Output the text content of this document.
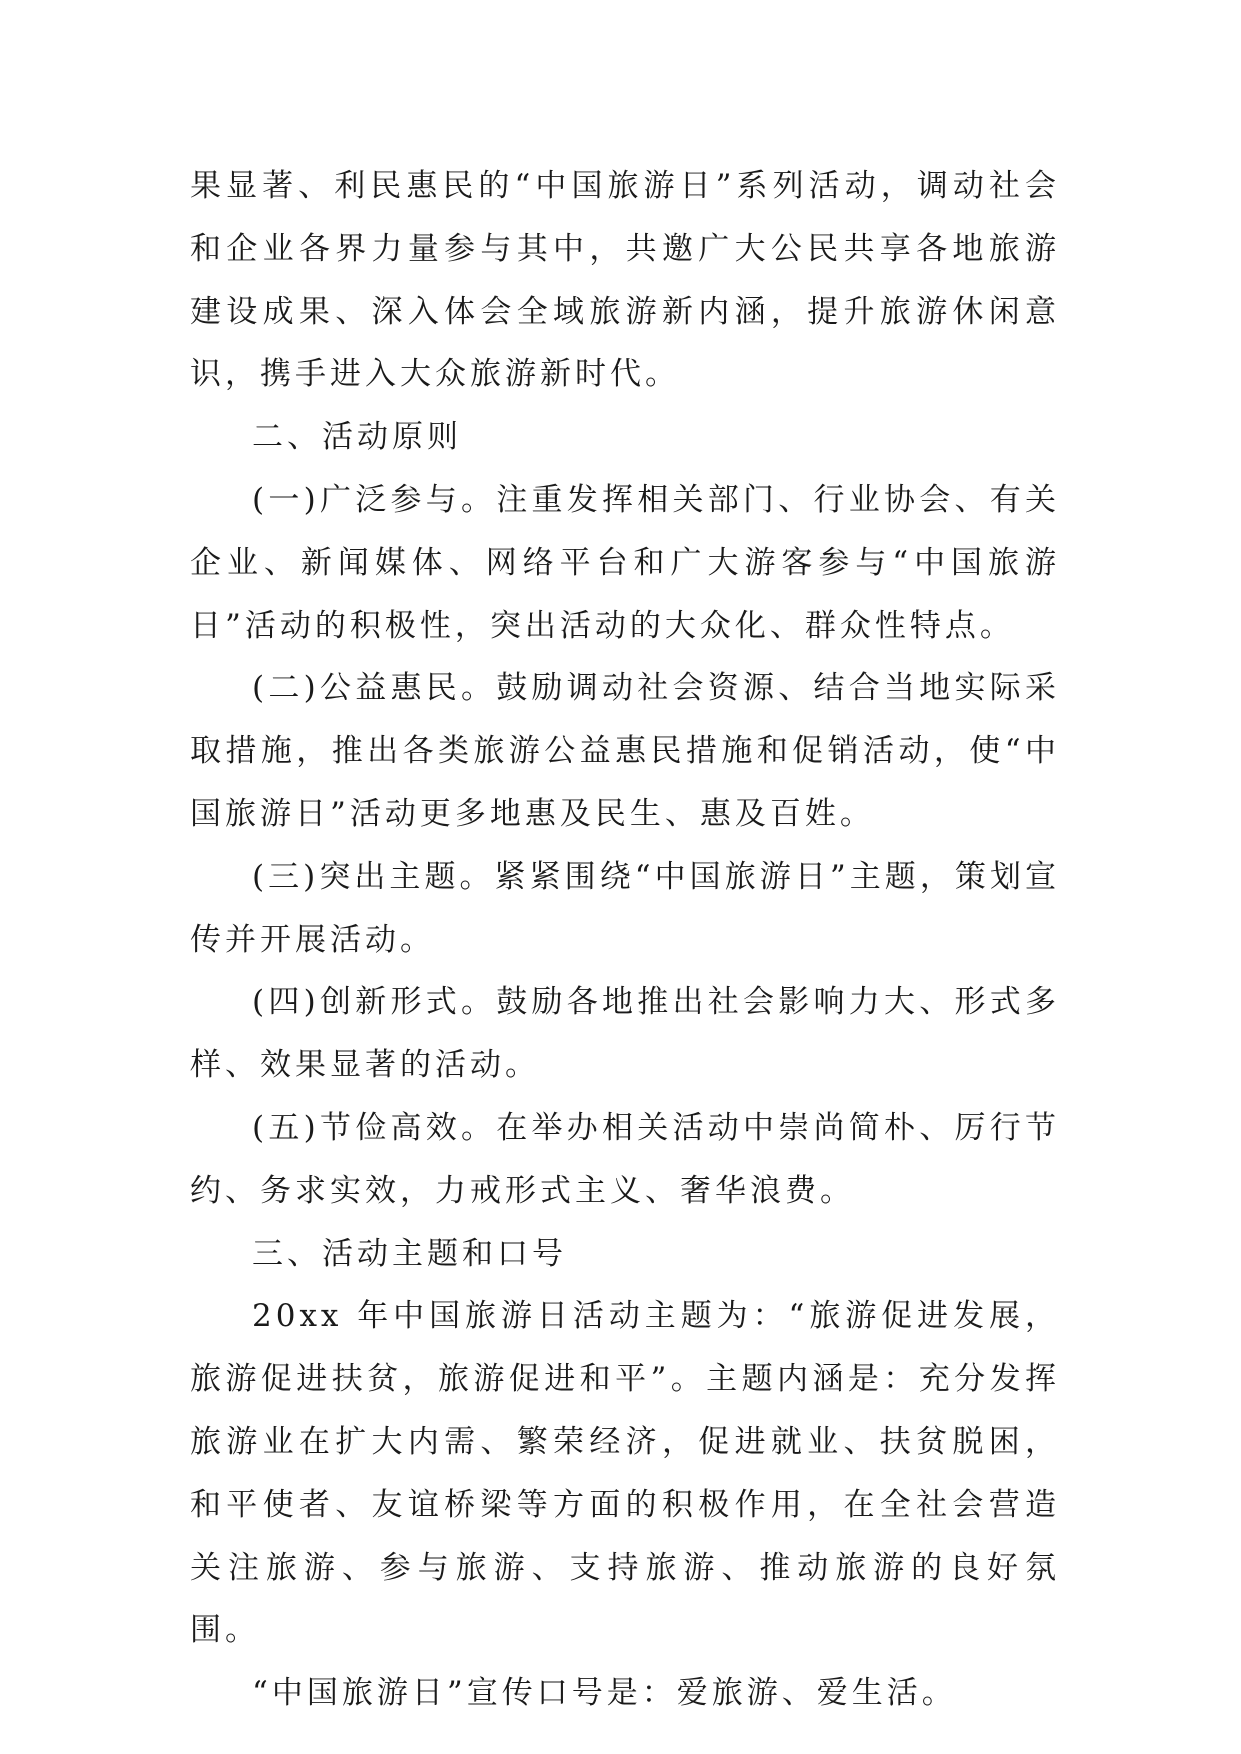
果显著、利民惠民的“中国旅游日”系列活动，调动社会和企业各界力量参与其中，共邀广大公民共享各地旅游建设成果、深入体会全域旅游新内涵，提升旅游休闲意识，携手进入大众旅游新时代。

二、活动原则

(一)广泛参与。注重发挥相关部门、行业协会、有关企业、新闻媒体、网络平台和广大游客参与“中国旅游日”活动的积极性，突出活动的大众化、群众性特点。

(二)公益惠民。鼓励调动社会资源、结合当地实际采取措施，推出各类旅游公益惠民措施和促销活动，使“中国旅游日”活动更多地惠及民生、惠及百姓。

(三)突出主题。紧紧围绕“中国旅游日”主题，策划宣传并开展活动。

(四)创新形式。鼓励各地推出社会影响力大、形式多样、效果显著的活动。

(五)节俭高效。在举办相关活动中崇尚简朴、厉行节约、务求实效，力戒形式主义、奢华浪费。

三、活动主题和口号

20xx 年中国旅游日活动主题为：“旅游促进发展，旅游促进扶贫，旅游促进和平”。主题内涵是：充分发挥旅游业在扩大内需、繁荣经济，促进就业、扶贫脱困，和平使者、友谊桥梁等方面的积极作用，在全社会营造关注旅游、参与旅游、支持旅游、推动旅游的良好氛围。

“中国旅游日”宣传口号是：爱旅游、爱生活。
